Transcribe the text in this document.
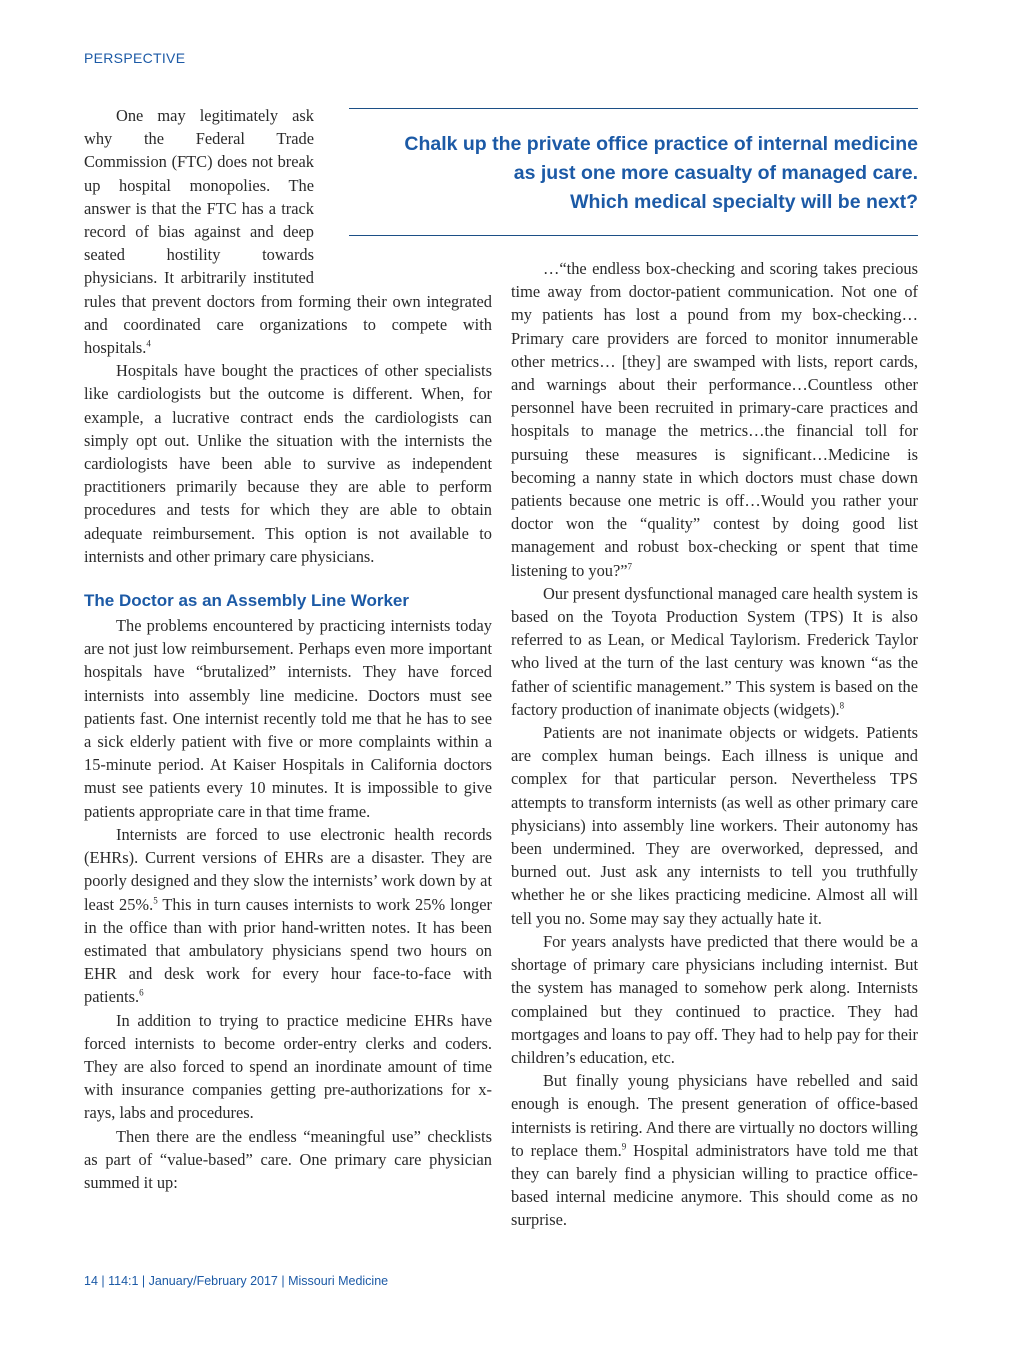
PERSPECTIVE
Chalk up the private office practice of internal medicine
as just one more casualty of managed care.
Which medical specialty will be next?

One may legitimately ask why the Federal Trade Commission (FTC) does not break up hospital monopolies. The answer is that the FTC has a track record of bias against and deep seated hostility towards physicians. It arbitrarily instituted rules that prevent doctors from forming their own integrated and coordinated care organizations to compete with hospitals.$^4$

Hospitals have bought the practices of other specialists like cardiologists but the outcome is different. When, for example, a lucrative contract ends the cardiologists can simply opt out. Unlike the situation with the internists the cardiologists have been able to survive as independent practitioners primarily because they are able to perform procedures and tests for which they are able to obtain adequate reimbursement. This option is not available to internists and other primary care physicians.

The Doctor as an Assembly Line Worker

The problems encountered by practicing internists today are not just low reimbursement. Perhaps even more important hospitals have “brutalized” internists. They have forced internists into assembly line medicine. Doctors must see patients fast. One internist recently told me that he has to see a sick elderly patient with five or more complaints within a 15-minute period. At Kaiser Hospitals in California doctors must see patients every 10 minutes. It is impossible to give patients appropriate care in that time frame.

Internists are forced to use electronic health records (EHRs). Current versions of EHRs are a disaster. They are poorly designed and they slow the internists’ work down by at least 25%.$^5$ This in turn causes internists to work 25% longer in the office than with prior hand-written notes. It has been estimated that ambulatory physicians spend two hours on EHR and desk work for every hour face-to-face with patients.$^6$

In addition to trying to practice medicine EHRs have forced internists to become order-entry clerks and coders. They are also forced to spend an inordinate amount of time with insurance companies getting pre-authorizations for x-rays, labs and procedures.

Then there are the endless “meaningful use” checklists as part of “value-based” care. One primary care physician summed it up:

…“the endless box-checking and scoring takes precious time away from doctor-patient communication. Not one of my patients has lost a pound from my box-checking…Primary care providers are forced to monitor innumerable other metrics… [they] are swamped with lists, report cards, and warnings about their performance…Countless other personnel have been recruited in primary-care practices and hospitals to manage the metrics…the financial toll for pursuing these measures is significant…Medicine is becoming a nanny state in which doctors must chase down patients because one metric is off…Would you rather your doctor won the “quality” contest by doing good list management and robust box-checking or spent that time listening to you?”$^7$

Our present dysfunctional managed care health system is based on the Toyota Production System (TPS) It is also referred to as Lean, or Medical Taylorism. Frederick Taylor who lived at the turn of the last century was known “as the father of scientific management.” This system is based on the factory production of inanimate objects (widgets).$^8$

Patients are not inanimate objects or widgets. Patients are complex human beings. Each illness is unique and complex for that particular person. Nevertheless TPS attempts to transform internists (as well as other primary care physicians) into assembly line workers. Their autonomy has been undermined. They are overworked, depressed, and burned out. Just ask any internists to tell you truthfully whether he or she likes practicing medicine. Almost all will tell you no. Some may say they actually hate it.

For years analysts have predicted that there would be a shortage of primary care physicians including internist. But the system has managed to somehow perk along. Internists complained but they continued to practice. They had mortgages and loans to pay off. They had to help pay for their children’s education, etc.

But finally young physicians have rebelled and said enough is enough. The present generation of office-based internists is retiring. And there are virtually no doctors willing to replace them.$^9$ Hospital administrators have told me that they can barely find a physician willing to practice office-based internal medicine anymore. This should come as no surprise.

14 | 114:1 | January/February 2017 | Missouri Medicine
